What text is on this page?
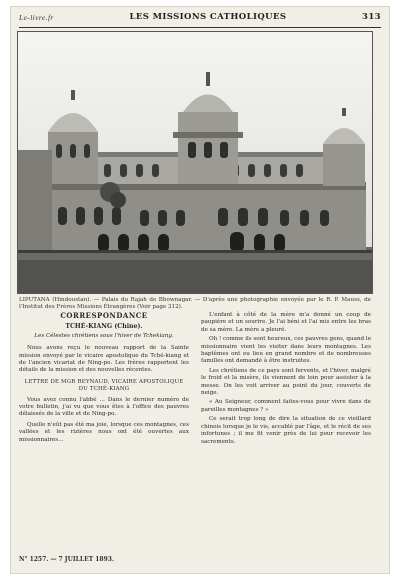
Le-livre.fr	LES MISSIONS CATHOLIQUES	313
LIPUTANA (Hindoustan). — Palais du Rajah de Bhownagar. — D'après une photographie envoyée par le R. P. Mauss, de l'Institut des Frères Missions Étrangères (Voir page 312).
CORRESPONDANCE
TCHÉ-KIANG (Chine).
Les Célestes chrétiens sous l'hiver de Tchekiang.

Nous avons reçu le nouveau rapport de la Sainte mission envoyé par le vicaire apostolique du Tché-kiang et de l'ancien vicariat de Ning-po. Les frères rapportent les détails de la mission et des nouvelles récentes.

LETTRE DE MGR REYNAUD, VICAIRE APOSTOLIQUE DU TCHÉ-KIANG

Vous avez connu l'abbé ... Dans le dernier numéro de votre bulletin, j'ai vu que vous êtes à l'office des pauvres délaissés de la ville et de Ning-po.

Quelle n'eût pas été ma joie, lorsque ces montagnes, ces vallées et les rizières nous ont été ouvertes aux missionnaires...

L'enfant à côté de la mère m'a donné un coup de paupière et un sourire. Je l'ai béni et l'ai mis entre les bras de sa mère. La mère a pleuré.

Oh ! comme ils sont heureux, ces pauvres gens, quand le missionnaire vient les visiter dans leurs montagnes. Les baptêmes ont eu lieu en grand nombre et de nombreuses familles ont demandé à être instruites.

Les chrétiens de ce pays sont fervents, et l'hiver, malgré le froid et la misère, ils viennent de loin pour assister à la messe. On les voit arriver au point du jour, couverts de neige.

« Au Seigneur, comment faites-vous pour vivre dans de pareilles montagnes ? »

Ce serait trop long de dire la situation de ce vieillard chinois lorsque je le vis, accablé par l'âge, et le récit de ses infortunes ; il me fit venir près de lui pour recevoir les sacrements.

N° 1257. — 7 JUILLET 1893.
